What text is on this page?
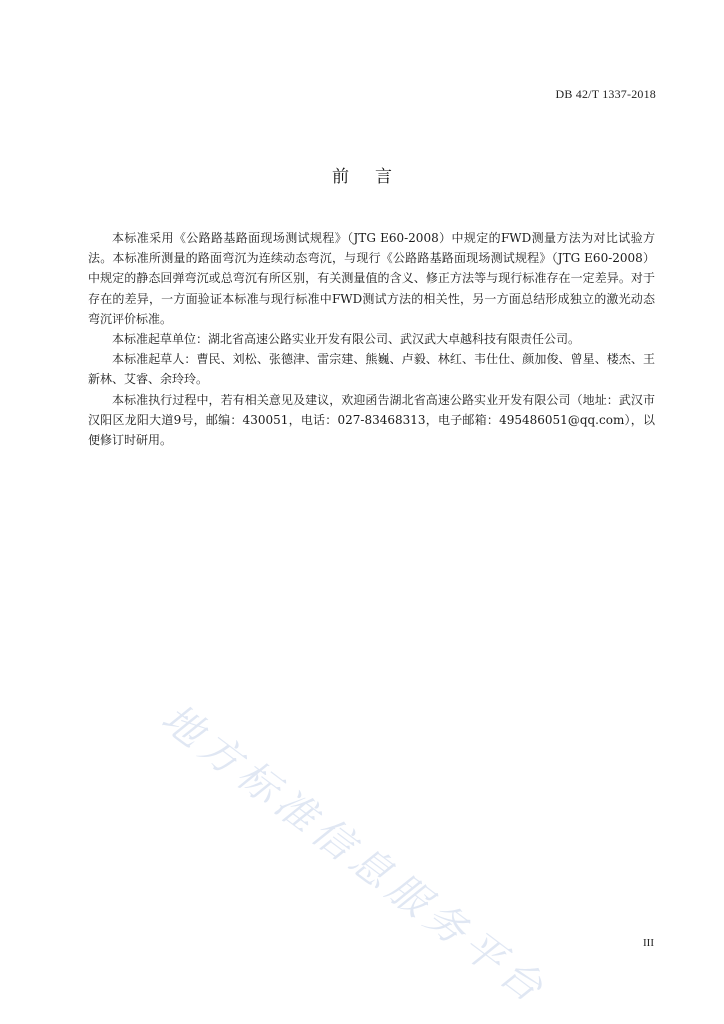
DB 42/T 1337-2018
前言

本标准采用《公路路基路面现场测试规程》（JTG E60-2008）中规定的FWD测量方法为对比试验方法。本标准所测量的路面弯沉为连续动态弯沉，与现行《公路路基路面现场测试规程》（JTG E60-2008）中规定的静态回弹弯沉或总弯沉有所区别，有关测量值的含义、修正方法等与现行标准存在一定差异。对于存在的差异，一方面验证本标准与现行标准中FWD测试方法的相关性，另一方面总结形成独立的激光动态弯沉评价标准。

本标准起草单位：湖北省高速公路实业开发有限公司、武汉武大卓越科技有限责任公司。

本标准起草人：曹民、刘松、张德津、雷宗建、熊巍、卢毅、林红、韦仕仕、颜加俊、曾星、楼杰、王新林、艾睿、余玲玲。

本标准执行过程中，若有相关意见及建议，欢迎函告湖北省高速公路实业开发有限公司（地址：武汉市汉阳区龙阳大道9号，邮编：430051，电话：027-83468313，电子邮箱：495486051@qq.com），以便修订时研用。

地方标准信息服务平台	III
